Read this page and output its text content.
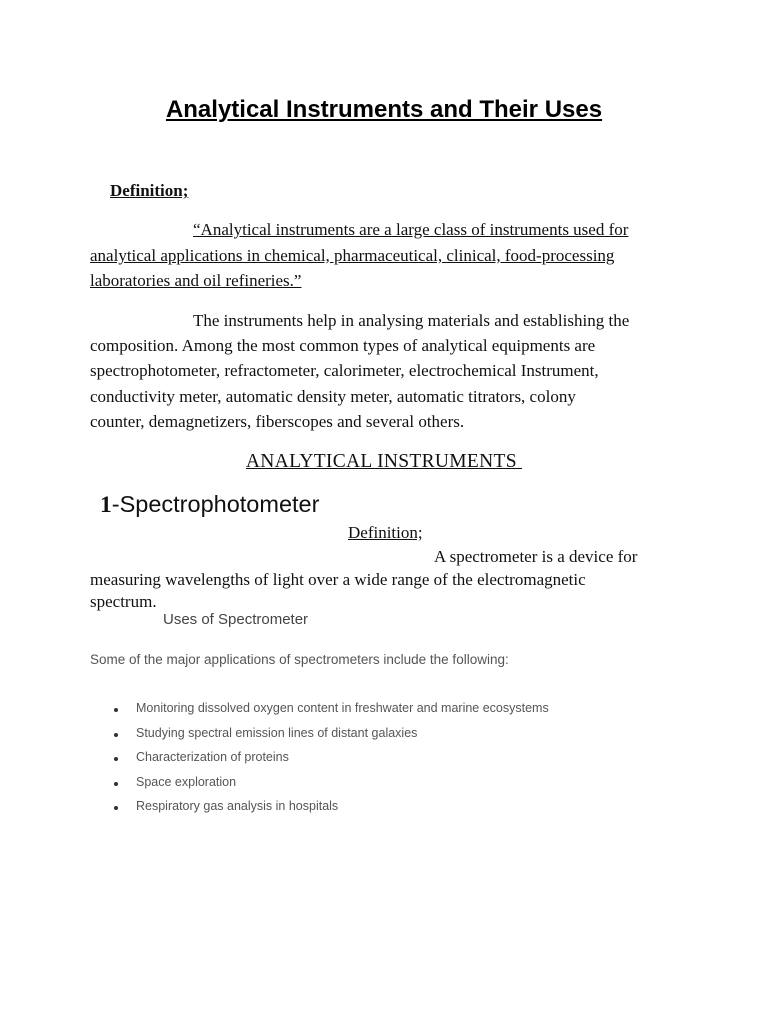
Analytical Instruments and Their Uses
Definition;
“Analytical instruments are a large class of instruments used for
analytical applications in chemical, pharmaceutical, clinical, food-processing
laboratories and oil refineries.”
The instruments help in analysing materials and establishing the
composition. Among the most common types of analytical equipments are
spectrophotometer, refractometer, calorimeter, electrochemical Instrument,
conductivity meter, automatic density meter, automatic titrators, colony
counter, demagnetizers, fiberscopes and several others.
ANALYTICAL INSTRUMENTS
1-Spectrophotometer
Definition;
A spectrometer is a device for
measuring wavelengths of light over a wide range of the electromagnetic
spectrum.
Uses of Spectrometer
Some of the major applications of spectrometers include the following:
Monitoring dissolved oxygen content in freshwater and marine ecosystems
Studying spectral emission lines of distant galaxies
Characterization of proteins
Space exploration
Respiratory gas analysis in hospitals
